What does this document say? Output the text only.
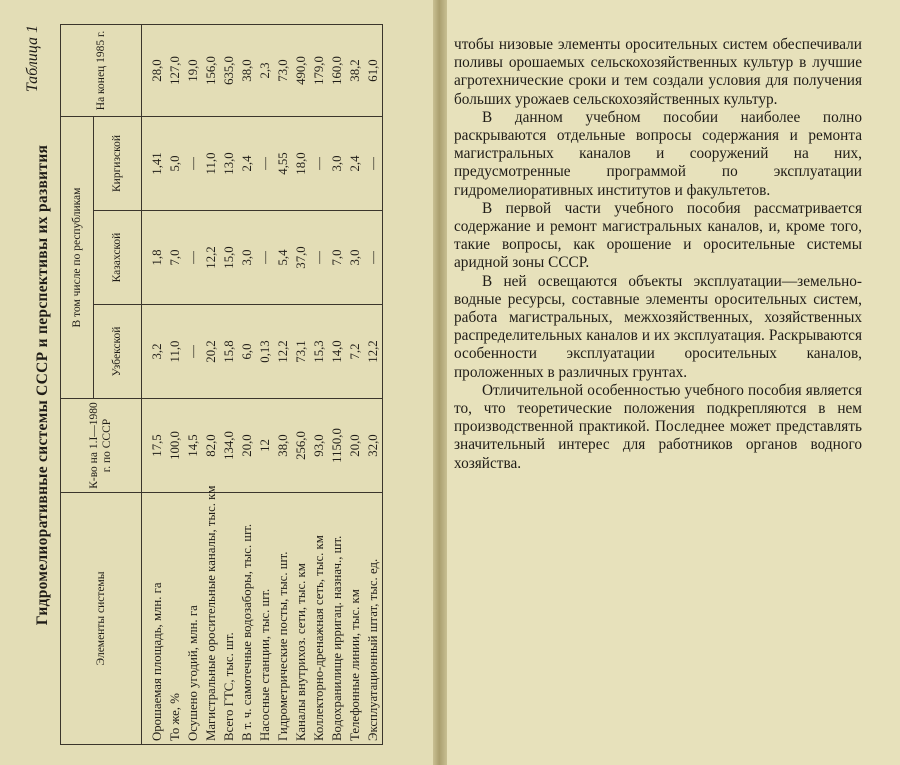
Таблица 1
Гидромелиоративные системы СССР и перспективы их развития	Элементы системы	К-во на 1.I—1980 г. по СССР	В том числе по республикам			На конец 1985 г.
		Узбекской	Казахской	Киргизской	
Орошаемая площадь, млн. га	17,5	3,2	1,8	1,41	28,0
То же, %	100,0	11,0	7,0	5,0	127,0
Осушено угодий, млн. га	14,5	—	—	—	19,0
Магистральные оросительные каналы, тыс. км	82,0	20,2	12,2	11,0	156,0
Всего ГТС, тыс. шт.	134,0	15,8	15,0	13,0	635,0
В т. ч. самотечные водозаборы, тыс. шт.	20,0	6,0	3,0	2,4	38,0
Насосные станции, тыс. шт.	12	0,13	—	—	2,3
Гидрометрические посты, тыс. шт.	38,0	12,2	5,4	4,55	73,0
Каналы внутрихоз. сети, тыс. км	256,0	73,1	37,0	18,0	490,0
Коллекторно-дренажная сеть, тыс. км	93,0	15,3	—	—	179,0
Водохранилище ирригац. назнач., шт.	1150,0	14,0	7,0	3,0	160,0
Телефонные линии, тыс. км	20,0	7,2	3,0	2,4	38,2
Эксплуатационный штат, тыс. ед.	32,0	12,2	—	—	61,0

чтобы низовые элементы оросительных систем обеспечивали поливы орошаемых сельскохозяйственных культур в лучшие агротехнические сроки и тем создали условия для получения больших урожаев сельскохозяйственных культур.

В данном учебном пособии наиболее полно раскрываются отдельные вопросы содержания и ремонта магистральных каналов и сооружений на них, предусмотренные программой по эксплуатации гидромелиоративных институтов и факультетов.

В первой части учебного пособия рассматривается содержание и ремонт магистральных каналов, и, кроме того, такие вопросы, как орошение и оросительные системы аридной зоны СССР.

В ней освещаются объекты эксплуатации—земельно-водные ресурсы, составные элементы оросительных систем, работа магистральных, межхозяйственных, хозяйственных распределительных каналов и их эксплуатация. Раскрываются особенности эксплуатации оросительных каналов, проложенных в различных грунтах.

Отличительной особенностью учебного пособия является то, что теоретические положения подкрепляются в нем производственной практикой. Последнее может представлять значительный интерес для работников органов водного хозяйства.
